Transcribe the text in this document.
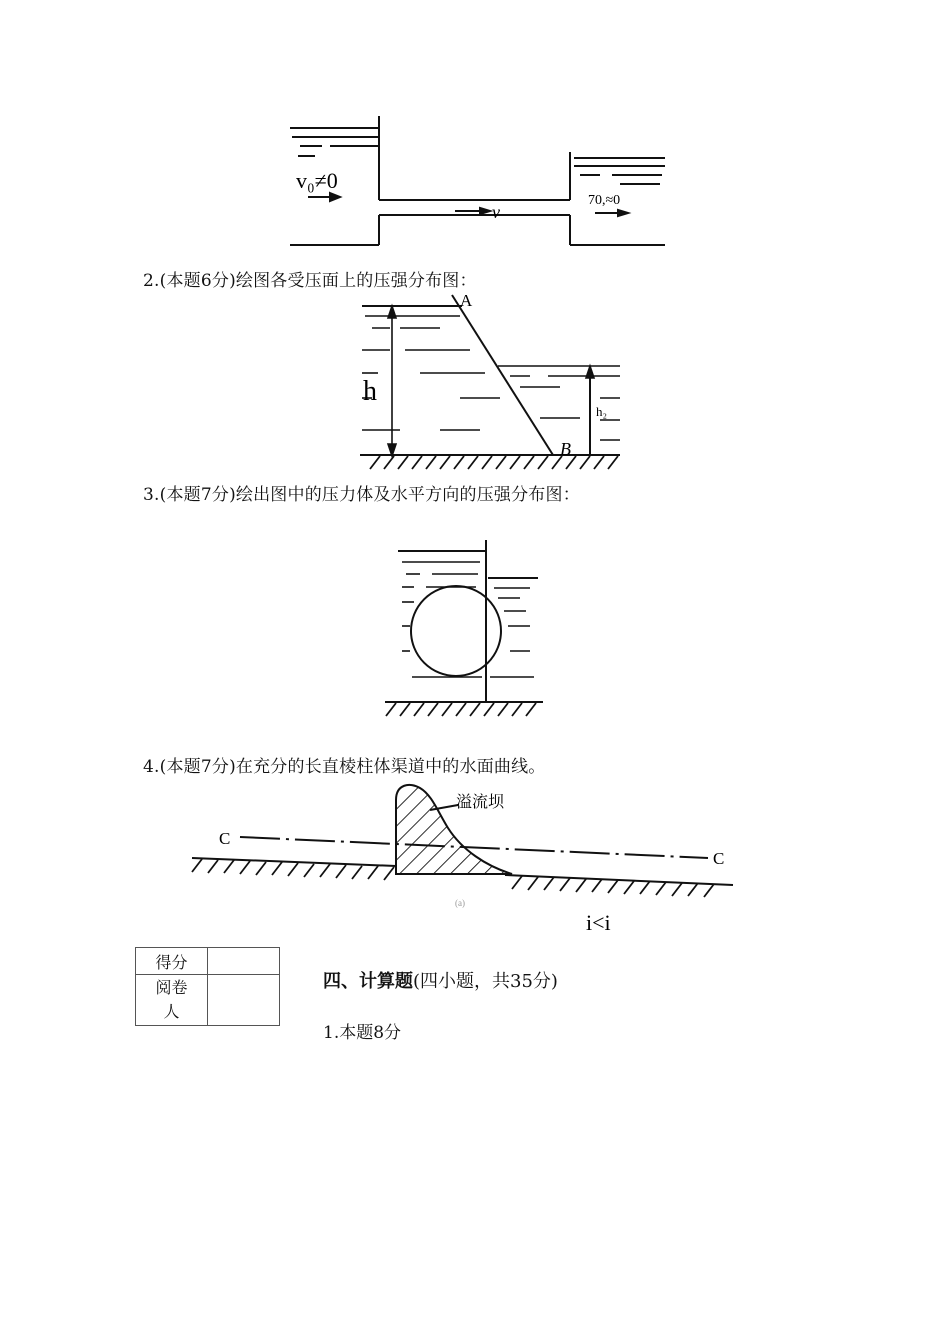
v₀≠0
v
70,≈0
2.(本题6分)绘图各受压面上的压强分布图：
A
B
h
h₂
3.(本题7分)绘出图中的压力体及水平方向的压强分布图：
4.(本题7分)在充分的长直棱柱体渠道中的水面曲线。
溢流坝
C
C
(a)
i<i
得分	
阅卷
人	
四、计算题(四小题，共35分)
1.本题8分
